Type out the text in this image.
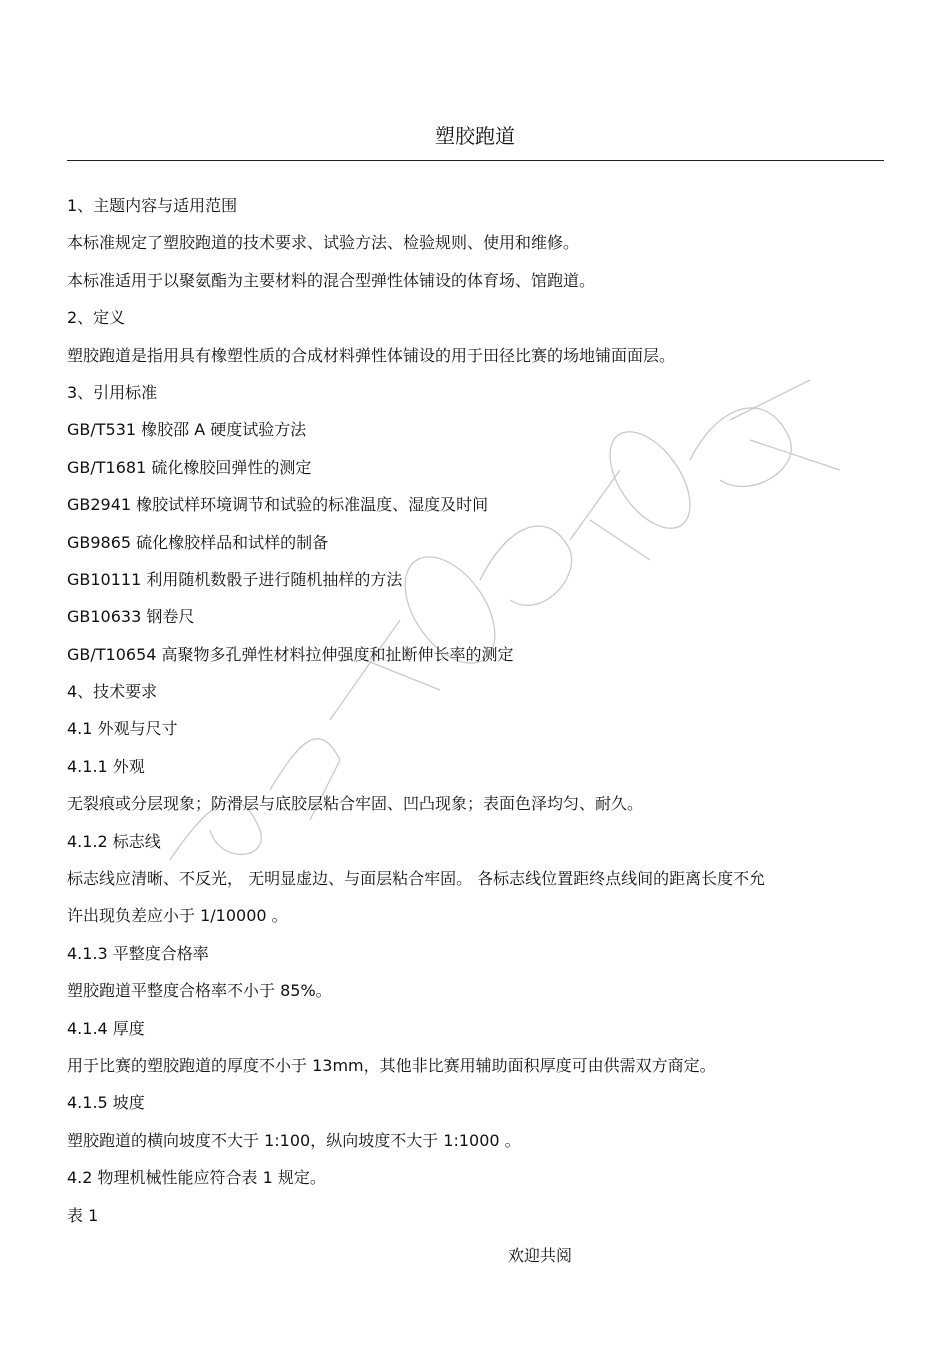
塑胶跑道
1、主题内容与适用范围
本标准规定了塑胶跑道的技术要求、试验方法、检验规则、使用和维修。
本标准适用于以聚氨酯为主要材料的混合型弹性体铺设的体育场、馆跑道。
2、定义
塑胶跑道是指用具有橡塑性质的合成材料弹性体铺设的用于田径比赛的场地铺面面层。
3、引用标准
GB/T531 橡胶邵 A 硬度试验方法
GB/T1681 硫化橡胶回弹性的测定
GB2941 橡胶试样环境调节和试验的标准温度、湿度及时间
GB9865 硫化橡胶样品和试样的制备
GB10111 利用随机数骰子进行随机抽样的方法
GB10633 钢卷尺
GB/T10654 高聚物多孔弹性材料拉伸强度和扯断伸长率的测定
4、技术要求
4.1 外观与尺寸
4.1.1 外观
无裂痕或分层现象；防滑层与底胶层粘合牢固、凹凸现象；表面色泽均匀、耐久。
4.1.2 标志线
标志线应清晰、不反光， 无明显虚边、与面层粘合牢固。 各标志线位置距终点线间的距离长度不允
许出现负差应小于 1/10000 。
4.1.3 平整度合格率
塑胶跑道平整度合格率不小于 85%。
4.1.4 厚度
用于比赛的塑胶跑道的厚度不小于 13mm，其他非比赛用辅助面积厚度可由供需双方商定。
4.1.5 坡度
塑胶跑道的横向坡度不大于 1:100，纵向坡度不大于 1:1000 。
4.2 物理机械性能应符合表 1 规定。
表 1
欢迎共阅
